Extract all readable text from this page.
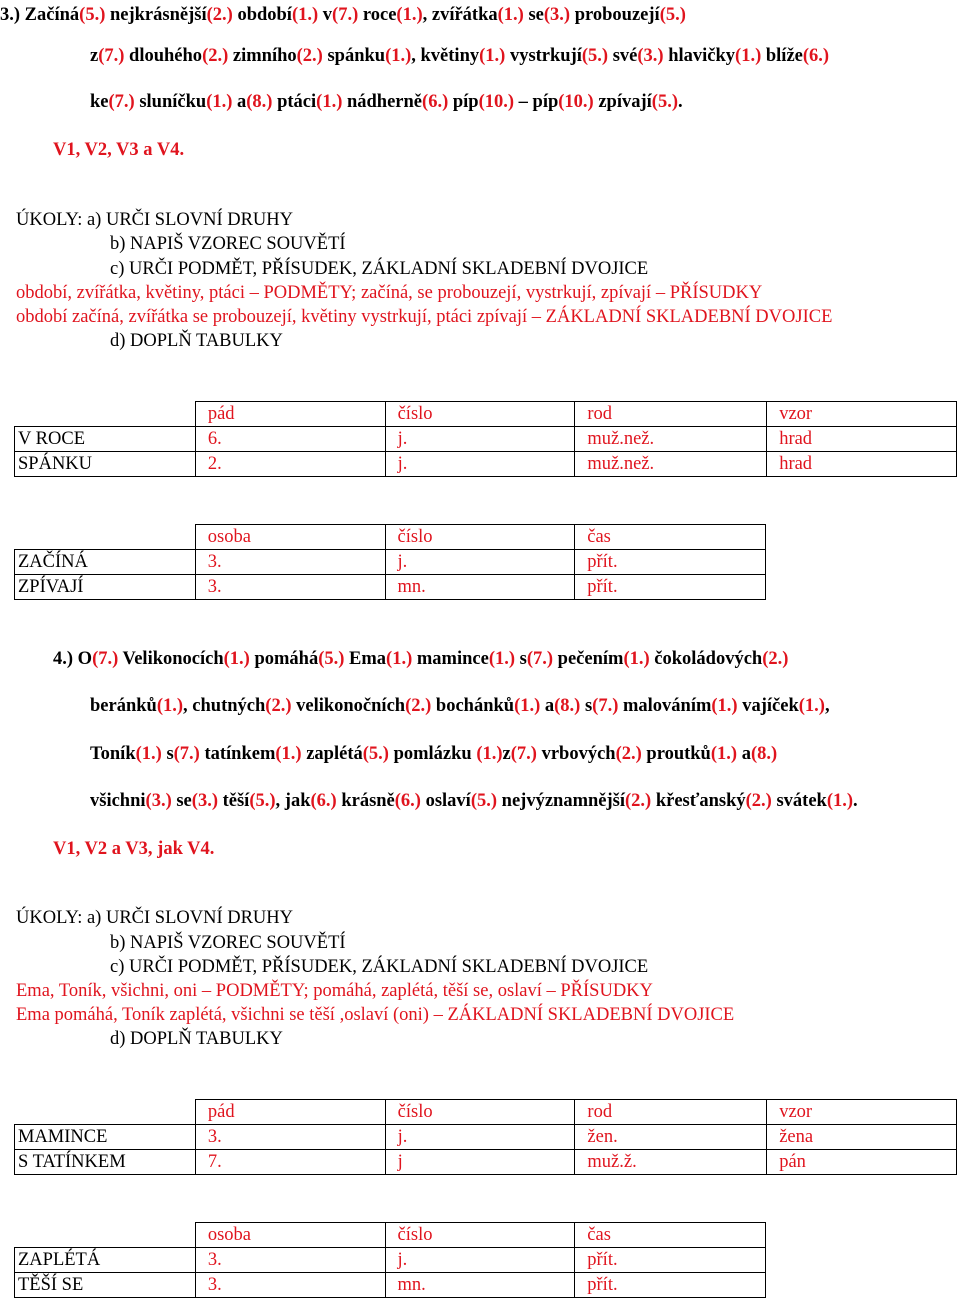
3.) Začíná(5.) nejkrásnější(2.) období(1.) v(7.) roce(1.), zvířátka(1.) se(3.) probouzejí(5.)
z(7.) dlouhého(2.) zimního(2.) spánku(1.), květiny(1.) vystrkují(5.) své(3.) hlavičky(1.) blíže(6.)
ke(7.) sluníčku(1.) a(8.) ptáci(1.) nádherně(6.) píp(10.) – píp(10.) zpívají(5.).
V1, V2, V3 a V4.
ÚKOLY: a) URČI SLOVNÍ DRUHY
b) NAPIŠ VZOREC SOUVĚTÍ
c) URČI PODMĚT, PŘÍSUDEK, ZÁKLADNÍ SKLADEBNÍ DVOJICE
období, zvířátka, květiny, ptáci – PODMĚTY; začíná, se probouzejí, vystrkují, zpívají – PŘÍSUDKY
období začíná, zvířátka se probouzejí, květiny vystrkují, ptáci zpívají – ZÁKLADNÍ SKLADEBNÍ DVOJICE
d) DOPLŇ TABULKY
	pád	číslo	rod	vzor
V ROCE	6.	j.	muž.než.	hrad
SPÁNKU	2.	j.	muž.než.	hrad
	osoba	číslo	čas
ZAČÍNÁ	3.	j.	přít.
ZPÍVAJÍ	3.	mn.	přít.
4.) O(7.) Velikonocích(1.) pomáhá(5.) Ema(1.) mamince(1.) s(7.) pečením(1.) čokoládových(2.)
beránků(1.), chutných(2.) velikonočních(2.) bochánků(1.) a(8.) s(7.) malováním(1.) vajíček(1.),
Toník(1.) s(7.) tatínkem(1.) zaplétá(5.) pomlázku (1.)z(7.) vrbových(2.) proutků(1.) a(8.)
všichni(3.) se(3.) těší(5.), jak(6.) krásně(6.) oslaví(5.) nejvýznamnější(2.) křesťanský(2.) svátek(1.).
V1, V2 a V3, jak V4.
ÚKOLY: a) URČI SLOVNÍ DRUHY
b) NAPIŠ VZOREC SOUVĚTÍ
c) URČI PODMĚT, PŘÍSUDEK, ZÁKLADNÍ SKLADEBNÍ DVOJICE
Ema, Toník, všichni, oni – PODMĚTY; pomáhá, zaplétá, těší se, oslaví – PŘÍSUDKY
Ema pomáhá, Toník zaplétá, všichni se těší ,oslaví (oni) – ZÁKLADNÍ SKLADEBNÍ DVOJICE
d) DOPLŇ TABULKY
	pád	číslo	rod	vzor
MAMINCE	3.	j.	žen.	žena
S TATÍNKEM	7.	j	muž.ž.	pán
	osoba	číslo	čas
ZAPLÉTÁ	3.	j.	přít.
TĚŠÍ SE	3.	mn.	přít.
